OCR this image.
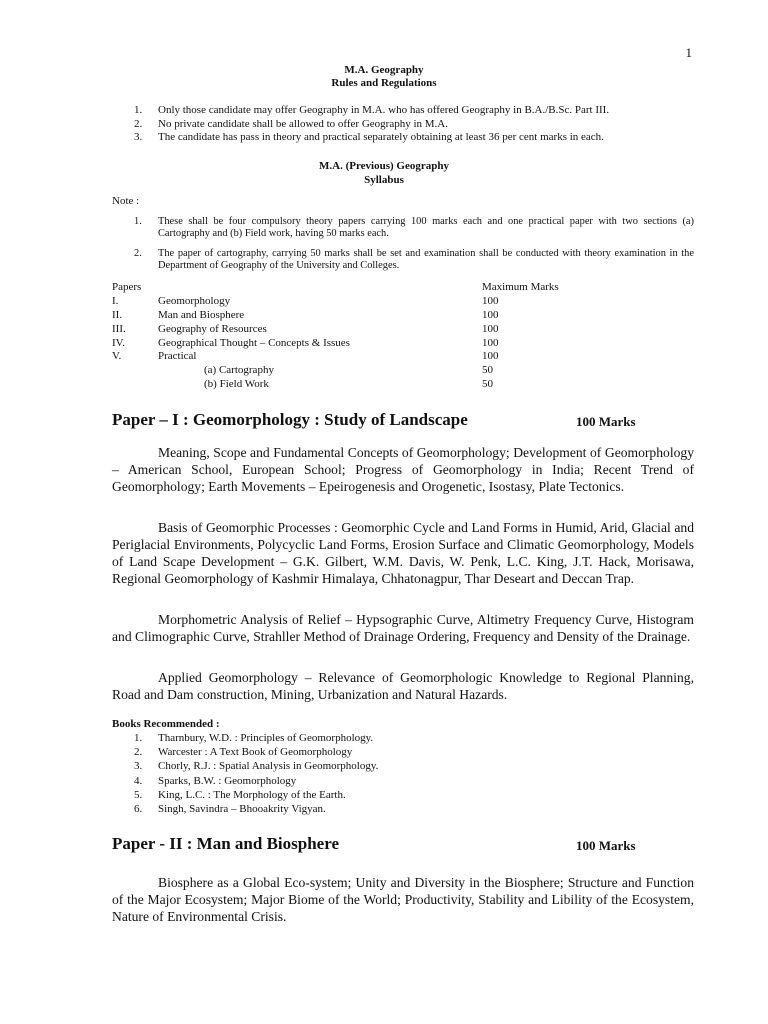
1
M.A. Geography
Rules and Regulations
1. Only those candidate may offer Geography in M.A. who has offered Geography in B.A./B.Sc. Part III.
2. No private candidate shall be allowed to offer Geography in M.A.
3. The candidate has pass in theory and practical separately obtaining at least 36 per cent marks in each.
M.A. (Previous) Geography
Syllabus
Note :
1. These shall be four compulsory theory papers carrying 100 marks each and one practical paper with two sections (a) Cartography and (b) Field work, having 50 marks each.
2. The paper of cartography, carrying 50 marks shall be set and examination shall be conducted with theory examination in the Department of Geography of the University and Colleges.
Papers	Maximum Marks
I.	Geomorphology	100
II.	Man and Biosphere	100
III.	Geography of Resources	100
IV.	Geographical Thought – Concepts & Issues	100
V.	Practical	100
(a) Cartography	50
(b) Field Work	50
Paper – I : Geomorphology : Study of Landscape	100 Marks
Meaning, Scope and Fundamental Concepts of Geomorphology; Development of Geomorphology – American School, European School; Progress of Geomorphology in India; Recent Trend of Geomorphology; Earth Movements – Epeirogenesis and Orogenetic, Isostasy, Plate Tectonics.
Basis of Geomorphic Processes : Geomorphic Cycle and Land Forms in Humid, Arid, Glacial and Periglacial Environments, Polycyclic Land Forms, Erosion Surface and Climatic Geomorphology, Models of Land Scape Development – G.K. Gilbert, W.M. Davis, W. Penk, L.C. King, J.T. Hack, Morisawa, Regional Geomorphology of Kashmir Himalaya, Chhatonagpur, Thar Deseart and Deccan Trap.
Morphometric Analysis of Relief – Hypsographic Curve, Altimetry Frequency Curve, Histogram and Climographic Curve, Strahller Method of Drainage Ordering, Frequency and Density of the Drainage.
Applied Geomorphology – Relevance of Geomorphologic Knowledge to Regional Planning, Road and Dam construction, Mining, Urbanization and Natural Hazards.
Books Recommended :
1. Tharnbury, W.D. : Principles of Geomorphology.
2. Warcester : A Text Book of Geomorphology
3. Chorly, R.J. : Spatial Analysis in Geomorphology.
4. Sparks, B.W. : Geomorphology
5. King, L.C. : The Morphology of the Earth.
6. Singh, Savindra – Bhooakrity Vigyan.
Paper - II : Man and Biosphere	100 Marks
Biosphere as a Global Eco-system; Unity and Diversity in the Biosphere; Structure and Function of the Major Ecosystem; Major Biome of the World; Productivity, Stability and Libility of the Ecosystem, Nature of Environmental Crisis.
